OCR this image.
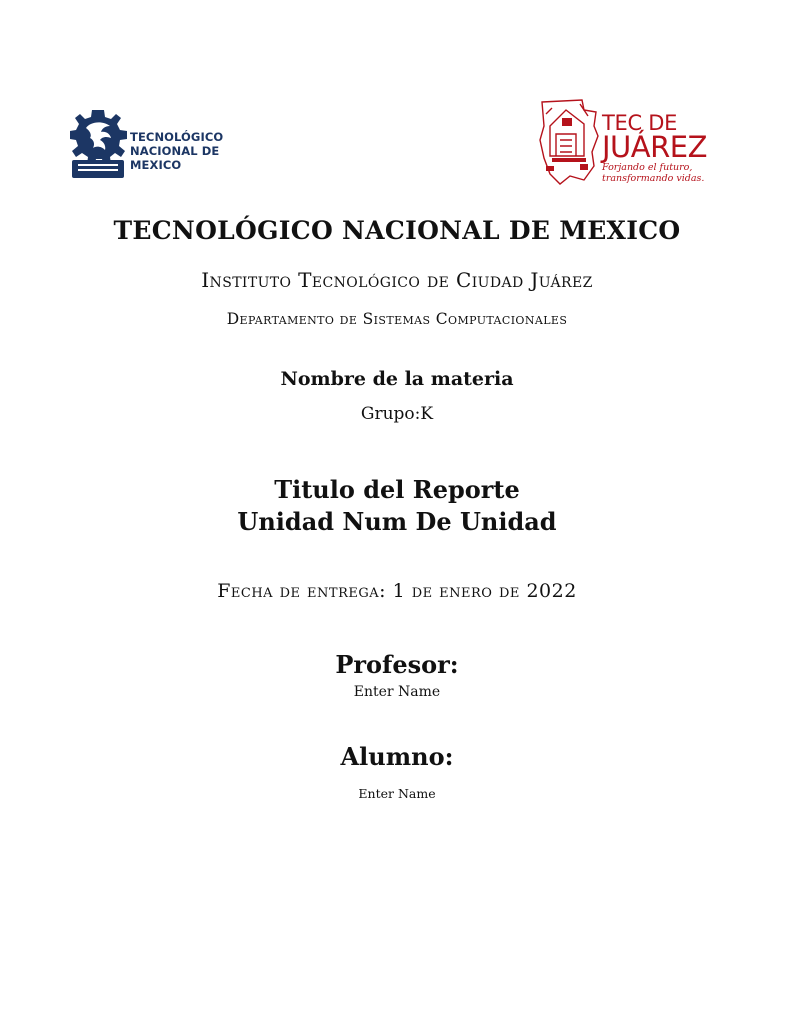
TECNOLÓGICO
NACIONAL DE MEXICO
TEC DE
JUÁREZ
Forjando el futuro,
transformando vidas.
TECNOLÓGICO NACIONAL DE MEXICO
Instituto Tecnológico de Ciudad Juárez
Departamento de Sistemas Computacionales
Nombre de la materia
Grupo:K
Titulo del Reporte
Unidad Num De Unidad
Fecha de entrega: 1 de enero de 2022
Profesor:
Enter Name
Alumno:
Enter Name
